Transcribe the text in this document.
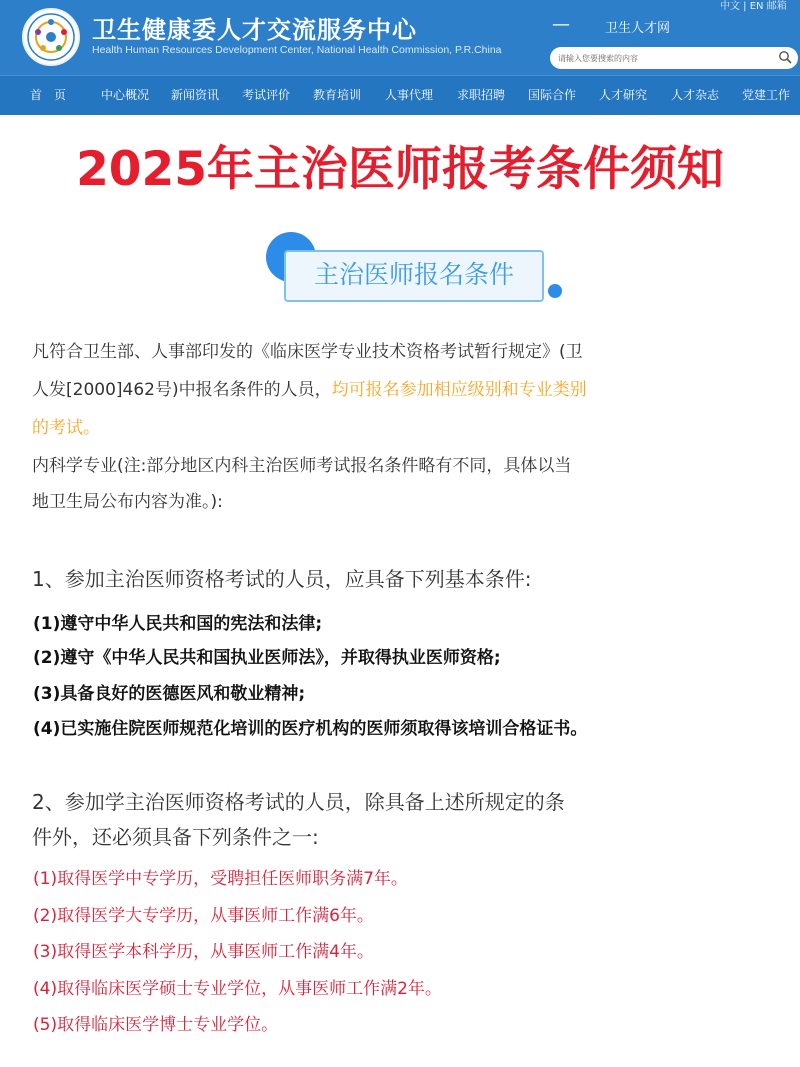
卫生健康委人才交流服务中心
Health Human Resources Development Center, National Health Commission, P.R.China
中文 | EN 邮箱
—	卫生人才网
请输入您要搜索的内容
首　页	中心概况 新闻资讯 考试评价 教育培训 人事代理 求职招聘 国际合作 人才研究 人才杂志 党建工作
2025年主治医师报考条件须知
主治医师报名条件
凡符合卫生部、人事部印发的《临床医学专业技术资格考试暂行规定》(卫
人发[2000]462号)中报名条件的人员，均可报名参加相应级别和专业类别
的考试。
内科学专业(注:部分地区内科主治医师考试报名条件略有不同，具体以当
地卫生局公布内容为准。):
1、参加主治医师资格考试的人员，应具备下列基本条件:
(1)遵守中华人民共和国的宪法和法律;
(2)遵守《中华人民共和国执业医师法》，并取得执业医师资格;
(3)具备良好的医德医风和敬业精神;
(4)已实施住院医师规范化培训的医疗机构的医师须取得该培训合格证书。
2、参加学主治医师资格考试的人员，除具备上述所规定的条
件外，还必须具备下列条件之一:
(1)取得医学中专学历，受聘担任医师职务满7年。
(2)取得医学大专学历，从事医师工作满6年。
(3)取得医学本科学历，从事医师工作满4年。
(4)取得临床医学硕士专业学位，从事医师工作满2年。
(5)取得临床医学博士专业学位。
